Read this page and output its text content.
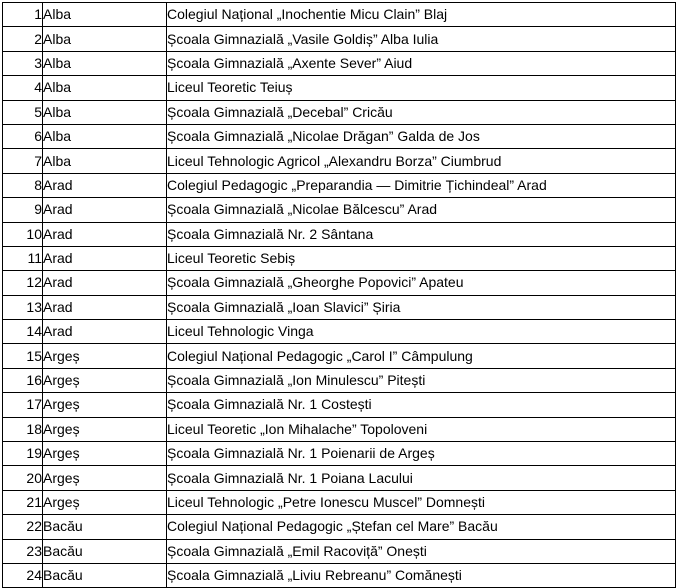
1	Alba	Colegiul Național „Inochentie Micu Clain” Blaj
2	Alba	Școala Gimnazială „Vasile Goldiș” Alba Iulia
3	Alba	Școala Gimnazială „Axente Sever” Aiud
4	Alba	Liceul Teoretic Teiuș
5	Alba	Școala Gimnazială „Decebal” Cricău
6	Alba	Școala Gimnazială „Nicolae Drăgan” Galda de Jos
7	Alba	Liceul Tehnologic Agricol „Alexandru Borza” Ciumbrud
8	Arad	Colegiul Pedagogic „Preparandia — Dimitrie Țichindeal” Arad
9	Arad	Școala Gimnazială „Nicolae Bălcescu” Arad
10	Arad	Școala Gimnazială Nr. 2 Sântana
11	Arad	Liceul Teoretic Sebiș
12	Arad	Școala Gimnazială „Gheorghe Popovici” Apateu
13	Arad	Școala Gimnazială „Ioan Slavici” Șiria
14	Arad	Liceul Tehnologic Vinga
15	Argeș	Colegiul Național Pedagogic „Carol I” Câmpulung
16	Argeș	Școala Gimnazială „Ion Minulescu” Pitești
17	Argeș	Școala Gimnazială Nr. 1 Costești
18	Argeș	Liceul Teoretic „Ion Mihalache” Topoloveni
19	Argeș	Școala Gimnazială Nr. 1 Poienarii de Argeș
20	Argeș	Școala Gimnazială Nr. 1 Poiana Lacului
21	Argeș	Liceul Tehnologic „Petre Ionescu Muscel” Domnești
22	Bacău	Colegiul Național Pedagogic „Ștefan cel Mare” Bacău
23	Bacău	Școala Gimnazială „Emil Racoviță” Onești
24	Bacău	Școala Gimnazială „Liviu Rebreanu” Comănești
